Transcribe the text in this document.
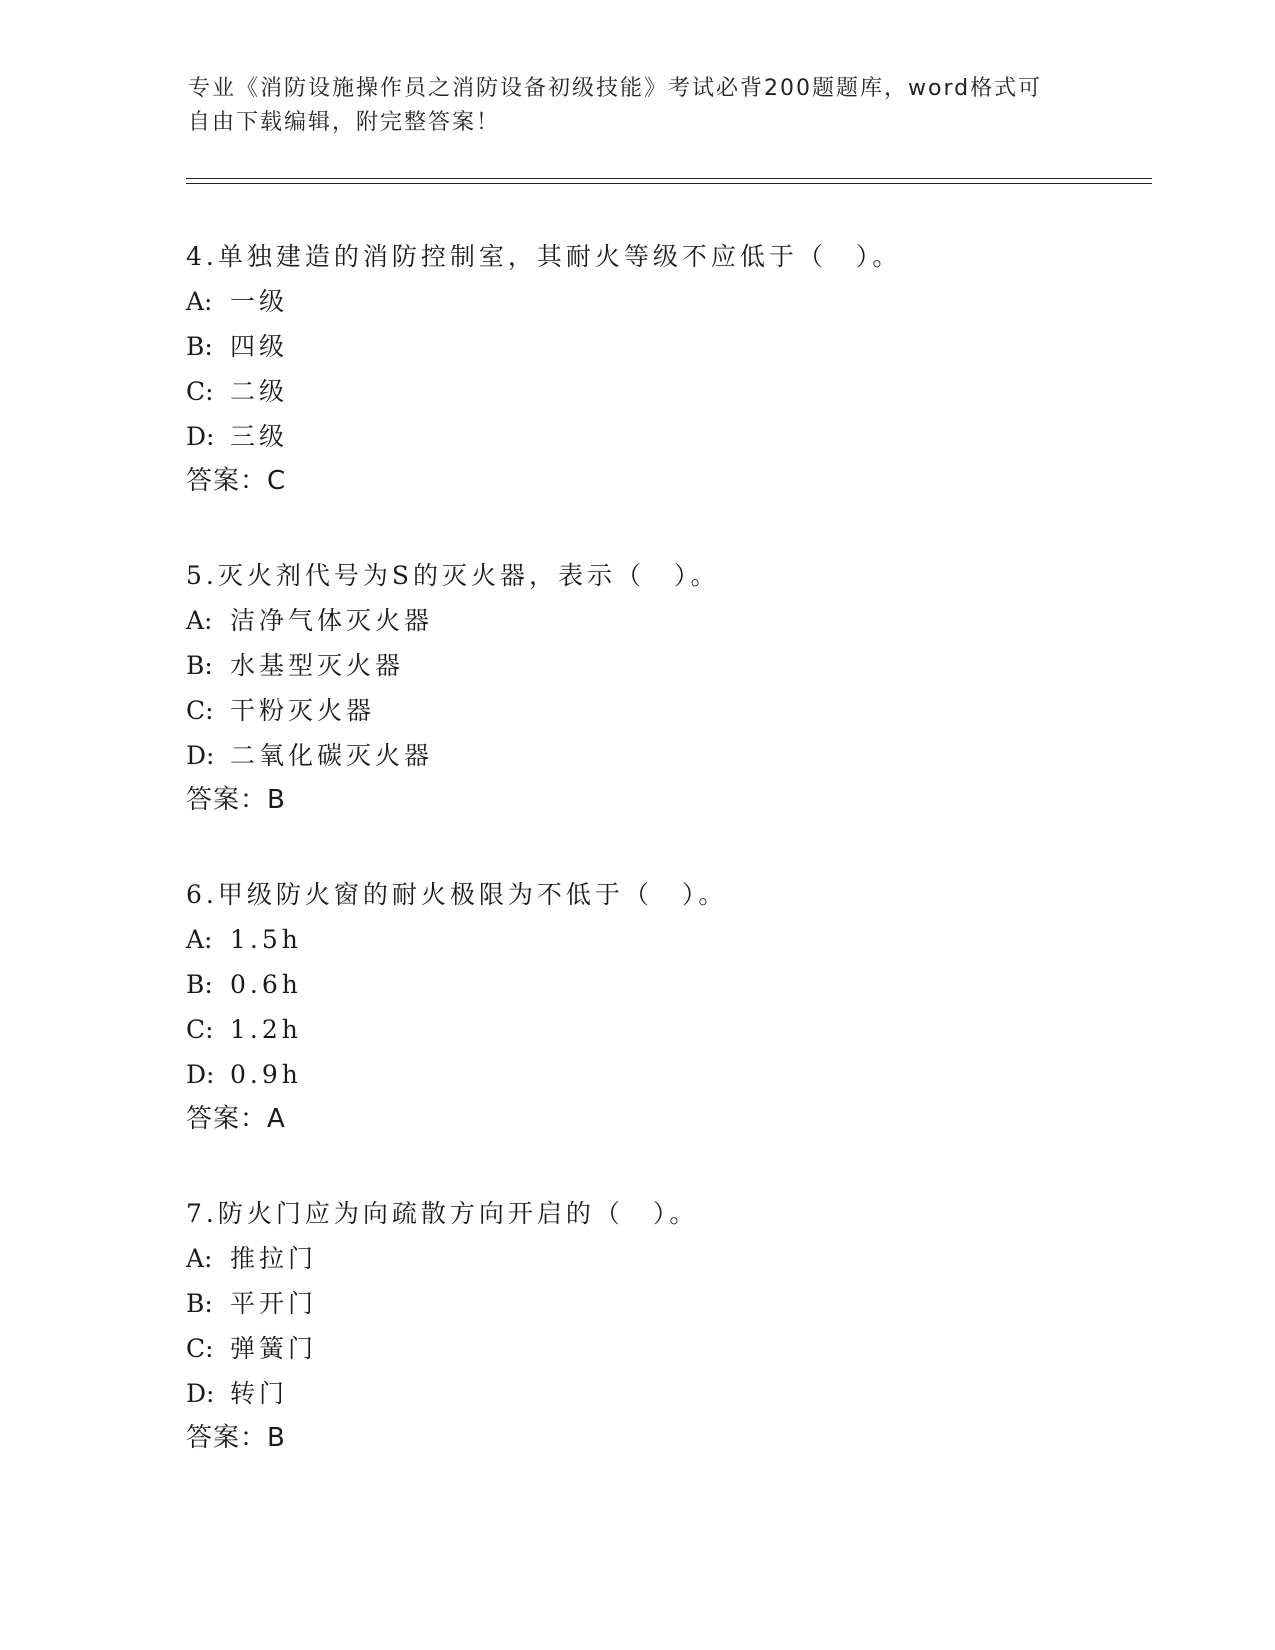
专业《消防设施操作员之消防设备初级技能》考试必背200题题库，word格式可
自由下载编辑，附完整答案！
4.单独建造的消防控制室，其耐火等级不应低于（　）。
A: 一级
B: 四级
C: 二级
D: 三级
答案：C
5.灭火剂代号为S的灭火器，表示（　）。
A: 洁净气体灭火器
B: 水基型灭火器
C: 干粉灭火器
D: 二氧化碳灭火器
答案：B
6.甲级防火窗的耐火极限为不低于（　）。
A: 1.5h
B: 0.6h
C: 1.2h
D: 0.9h
答案：A
7.防火门应为向疏散方向开启的（　）。
A: 推拉门
B: 平开门
C: 弹簧门
D: 转门
答案：B
